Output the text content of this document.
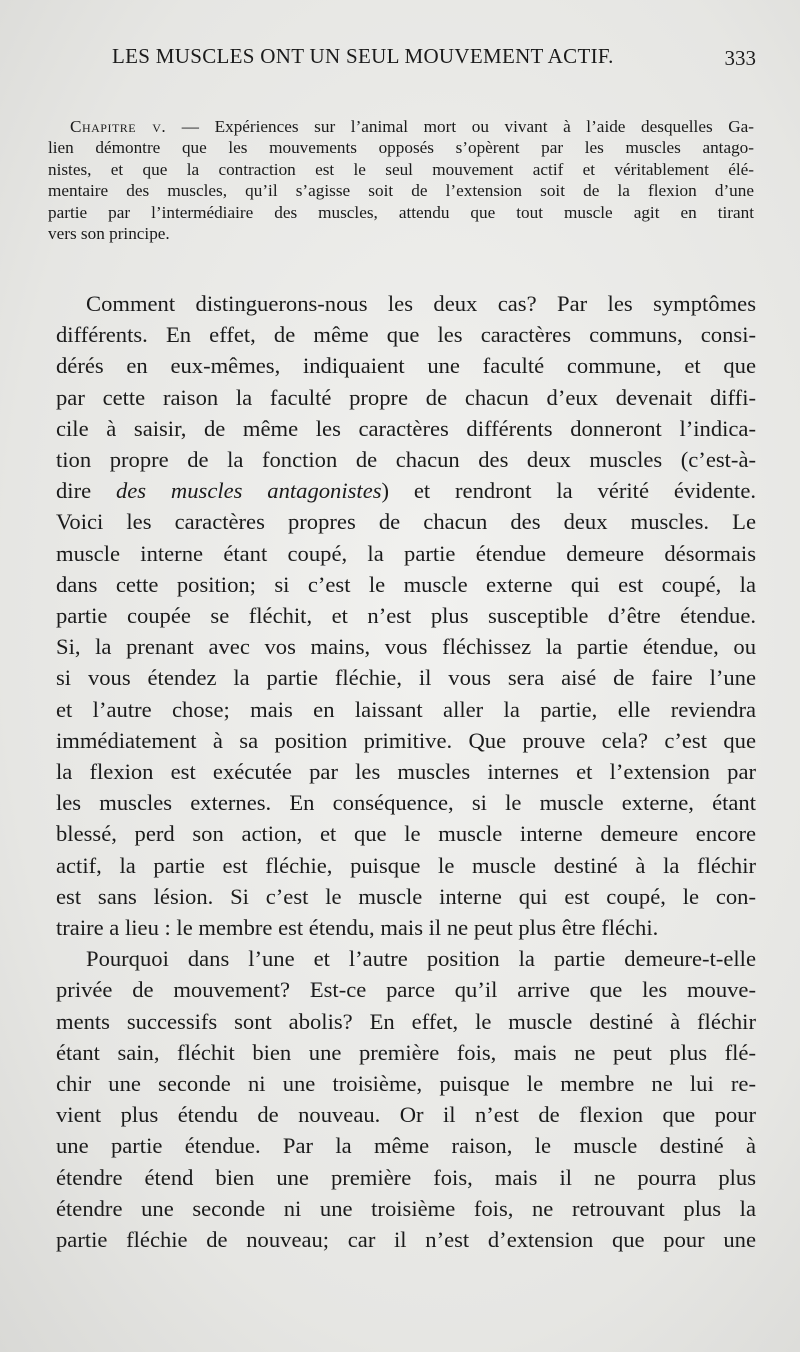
LES MUSCLES ONT UN SEUL MOUVEMENT ACTIF.	333
Chapitre v. — Expériences sur l’animal mort ou vivant à l’aide desquelles Ga-
lien démontre que les mouvements opposés s’opèrent par les muscles antago-
nistes, et que la contraction est le seul mouvement actif et véritablement élé-
mentaire des muscles, qu’il s’agisse soit de l’extension soit de la flexion d’une
partie par l’intermédiaire des muscles, attendu que tout muscle agit en tirant
vers son principe.

Comment distinguerons-nous les deux cas? Par les symptômes
différents. En effet, de même que les caractères communs, consi-
dérés en eux-mêmes, indiquaient une faculté commune, et que
par cette raison la faculté propre de chacun d’eux devenait diffi-
cile à saisir, de même les caractères différents donneront l’indica-
tion propre de la fonction de chacun des deux muscles (c’est-à-
dire des muscles antagonistes) et rendront la vérité évidente.
Voici les caractères propres de chacun des deux muscles. Le
muscle interne étant coupé, la partie étendue demeure désormais
dans cette position; si c’est le muscle externe qui est coupé, la
partie coupée se fléchit, et n’est plus susceptible d’être étendue.
Si, la prenant avec vos mains, vous fléchissez la partie étendue, ou
si vous étendez la partie fléchie, il vous sera aisé de faire l’une
et l’autre chose; mais en laissant aller la partie, elle reviendra
immédiatement à sa position primitive. Que prouve cela? c’est que
la flexion est exécutée par les muscles internes et l’extension par
les muscles externes. En conséquence, si le muscle externe, étant
blessé, perd son action, et que le muscle interne demeure encore
actif, la partie est fléchie, puisque le muscle destiné à la fléchir
est sans lésion. Si c’est le muscle interne qui est coupé, le con-
traire a lieu : le membre est étendu, mais il ne peut plus être fléchi.

Pourquoi dans l’une et l’autre position la partie demeure-t-elle
privée de mouvement? Est-ce parce qu’il arrive que les mouve-
ments successifs sont abolis? En effet, le muscle destiné à fléchir
étant sain, fléchit bien une première fois, mais ne peut plus flé-
chir une seconde ni une troisième, puisque le membre ne lui re-
vient plus étendu de nouveau. Or il n’est de flexion que pour
une partie étendue. Par la même raison, le muscle destiné à
étendre étend bien une première fois, mais il ne pourra plus
étendre une seconde ni une troisième fois, ne retrouvant plus la
partie fléchie de nouveau; car il n’est d’extension que pour une
